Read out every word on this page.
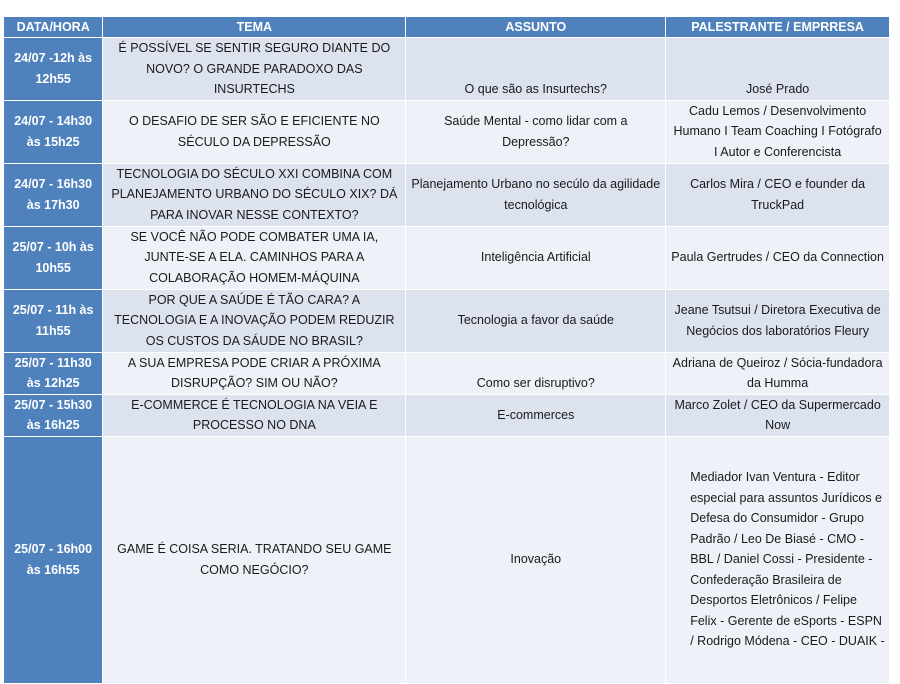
DATA/HORA	TEMA	ASSUNTO	PALESTRANTE / EMPRRESA
24/07 -12h às 12h55	É POSSÍVEL SE SENTIR SEGURO DIANTE DO NOVO? O GRANDE PARADOXO DAS INSURTECHS	O que são as Insurtechs?	José Prado
24/07 - 14h30 às 15h25	O DESAFIO DE SER SÃO E EFICIENTE NO SÉCULO DA DEPRESSÃO	Saúde Mental - como lidar com a Depressão?	Cadu Lemos / Desenvolvimento Humano I Team Coaching I Fotógrafo I Autor e Conferencista
24/07 - 16h30 às 17h30	TECNOLOGIA DO SÉCULO XXI COMBINA COM PLANEJAMENTO URBANO DO SÉCULO XIX? DÁ PARA INOVAR NESSE CONTEXTO?	Planejamento Urbano no secúlo da agilidade tecnológica	Carlos Mira / CEO e founder da TruckPad
25/07 - 10h às 10h55	SE VOCÊ NÃO PODE COMBATER UMA IA, JUNTE-SE A ELA. CAMINHOS PARA A COLABORAÇÃO HOMEM-MÁQUINA	Inteligência Artificial	Paula Gertrudes / CEO da Connection
25/07 - 11h às 11h55	POR QUE A SAÚDE É TÃO CARA? A TECNOLOGIA E A INOVAÇÃO PODEM REDUZIR OS CUSTOS DA SÁUDE NO BRASIL?	Tecnologia a favor da saúde	Jeane Tsutsui / Diretora Executiva de Negócios dos laboratórios Fleury
25/07 - 11h30 às 12h25	A SUA EMPRESA PODE CRIAR A PRÓXIMA DISRUPÇÃO? SIM OU NÃO?	Como ser disruptivo?	Adriana de Queiroz / Sócia-fundadora da Humma
25/07 - 15h30 às 16h25	E-COMMERCE É TECNOLOGIA NA VEIA E PROCESSO NO DNA	E-commerces	Marco Zolet / CEO da Supermercado Now
25/07 - 16h00 às 16h55	GAME É COISA SERIA. TRATANDO SEU GAME COMO NEGÓCIO?	Inovação	Mediador Ivan Ventura - Editor especial para assuntos Jurídicos e Defesa do Consumidor - Grupo Padrão / Leo De Biasé - CMO - BBL / Daniel Cossi - Presidente - Confederação Brasileira de Desportos Eletrônicos / Felipe Felix - Gerente de eSports - ESPN / Rodrigo Módena - CEO - DUAIK -
